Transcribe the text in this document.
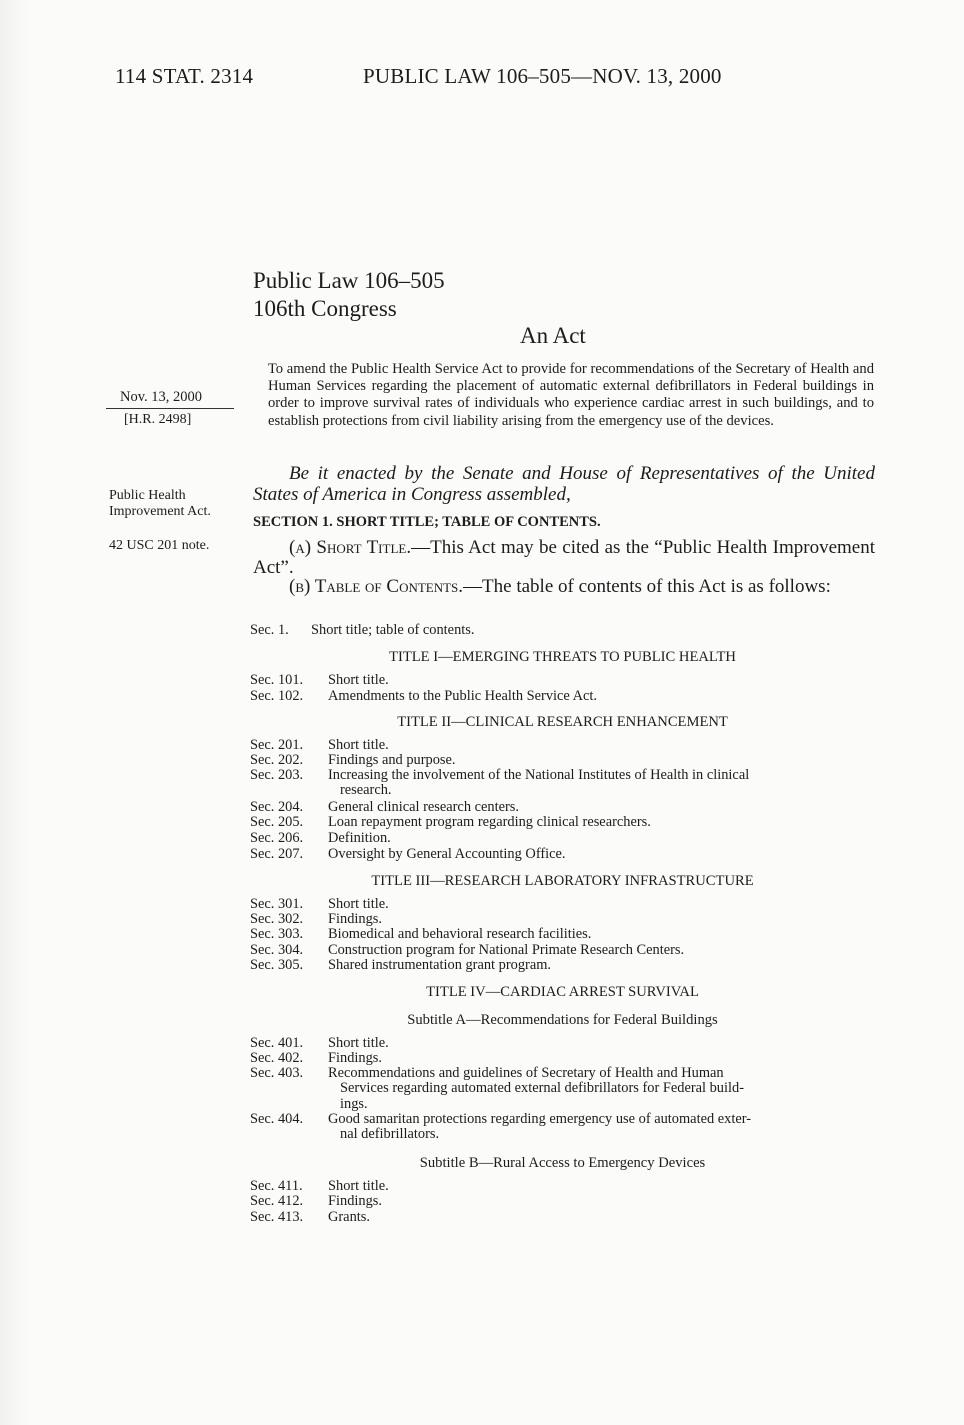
114 STAT. 2314	PUBLIC LAW 106–505—NOV. 13, 2000
Public Law 106–505
106th Congress
An Act
Nov. 13, 2000
[H.R. 2498]
Public Health Improvement Act.
42 USC 201 note.
To amend the Public Health Service Act to provide for recommendations of the Secretary of Health and Human Services regarding the placement of automatic external defibrillators in Federal buildings in order to improve survival rates of individuals who experience cardiac arrest in such buildings, and to establish protections from civil liability arising from the emergency use of the devices.
Be it enacted by the Senate and House of Representatives of the United States of America in Congress assembled,
SECTION 1. SHORT TITLE; TABLE OF CONTENTS.
(a) Short Title.—This Act may be cited as the “Public Health Improvement Act”.
(b) Table of Contents.—The table of contents of this Act is as follows:
Sec. 1. Short title; table of contents.
TITLE I—EMERGING THREATS TO PUBLIC HEALTH
Sec. 101. Short title.
Sec. 102. Amendments to the Public Health Service Act.
TITLE II—CLINICAL RESEARCH ENHANCEMENT
Sec. 201. Short title.
Sec. 202. Findings and purpose.
Sec. 203. Increasing the involvement of the National Institutes of Health in clinical
research.
Sec. 204. General clinical research centers.
Sec. 205. Loan repayment program regarding clinical researchers.
Sec. 206. Definition.
Sec. 207. Oversight by General Accounting Office.
TITLE III—RESEARCH LABORATORY INFRASTRUCTURE
Sec. 301. Short title.
Sec. 302. Findings.
Sec. 303. Biomedical and behavioral research facilities.
Sec. 304. Construction program for National Primate Research Centers.
Sec. 305. Shared instrumentation grant program.
TITLE IV—CARDIAC ARREST SURVIVAL
Subtitle A—Recommendations for Federal Buildings
Sec. 401. Short title.
Sec. 402. Findings.
Sec. 403. Recommendations and guidelines of Secretary of Health and Human
Services regarding automated external defibrillators for Federal build-
ings.
Sec. 404. Good samaritan protections regarding emergency use of automated exter-
nal defibrillators.
Subtitle B—Rural Access to Emergency Devices
Sec. 411. Short title.
Sec. 412. Findings.
Sec. 413. Grants.
